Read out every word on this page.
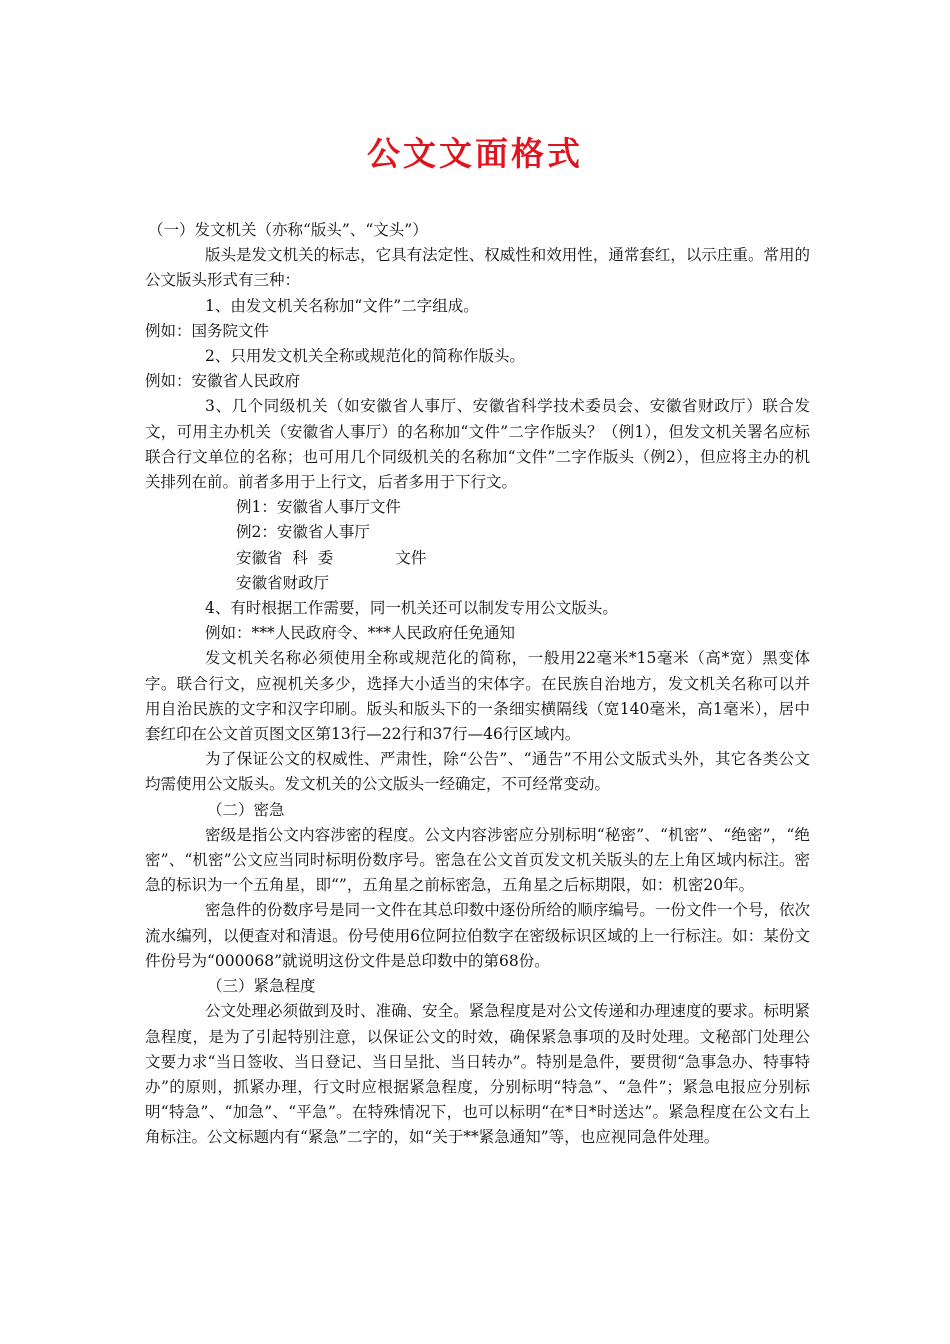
公文文面格式

（一）发文机关（亦称“版头”、“文头”）

版头是发文机关的标志，它具有法定性、权威性和效用性，通常套红，以示庄重。常用的公文版头形式有三种：

1、由发文机关名称加“文件”二字组成。

例如：国务院文件

2、只用发文机关全称或规范化的简称作版头。

例如：安徽省人民政府

3、几个同级机关（如安徽省人事厅、安徽省科学技术委员会、安徽省财政厅）联合发文，可用主办机关（安徽省人事厅）的名称加“文件”二字作版头？（例1），但发文机关署名应标联合行文单位的名称；也可用几个同级机关的名称加“文件”二字作版头（例2），但应将主办的机关排列在前。前者多用于上行文，后者多用于下行文。

例1：安徽省人事厅文件

例2：安徽省人事厅

安徽省  科  委	文件

安徽省财政厅

4、有时根据工作需要，同一机关还可以制发专用公文版头。

例如：***人民政府令、***人民政府任免通知

发文机关名称必须使用全称或规范化的简称，一般用22毫米*15毫米（高*宽）黑变体字。联合行文，应视机关多少，选择大小适当的宋体字。在民族自治地方，发文机关名称可以并用自治民族的文字和汉字印刷。版头和版头下的一条细实横隔线（宽140毫米，高1毫米），居中套红印在公文首页图文区第13行—22行和37行—46行区域内。

为了保证公文的权威性、严肃性，除“公告”、“通告”不用公文版式头外，其它各类公文均需使用公文版头。发文机关的公文版头一经确定，不可经常变动。

（二）密急

密级是指公文内容涉密的程度。公文内容涉密应分别标明“秘密”、“机密”、“绝密”，“绝密”、“机密”公文应当同时标明份数序号。密急在公文首页发文机关版头的左上角区域内标注。密急的标识为一个五角星，即“”，五角星之前标密急，五角星之后标期限，如：机密20年。

密急件的份数序号是同一文件在其总印数中逐份所给的顺序编号。一份文件一个号，依次流水编列，以便查对和清退。份号使用6位阿拉伯数字在密级标识区域的上一行标注。如：某份文件份号为“000068”就说明这份文件是总印数中的第68份。

（三）紧急程度

公文处理必须做到及时、准确、安全。紧急程度是对公文传递和办理速度的要求。标明紧急程度，是为了引起特别注意，以保证公文的时效，确保紧急事项的及时处理。文秘部门处理公文要力求“当日签收、当日登记、当日呈批、当日转办”。特别是急件，要贯彻“急事急办、特事特办”的原则，抓紧办理，行文时应根据紧急程度，分别标明“特急”、“急件”；紧急电报应分别标明“特急”、“加急”、“平急”。在特殊情况下，也可以标明“在*日*时送达”。紧急程度在公文右上角标注。公文标题内有“紧急”二字的，如“关于**紧急通知”等，也应视同急件处理。
